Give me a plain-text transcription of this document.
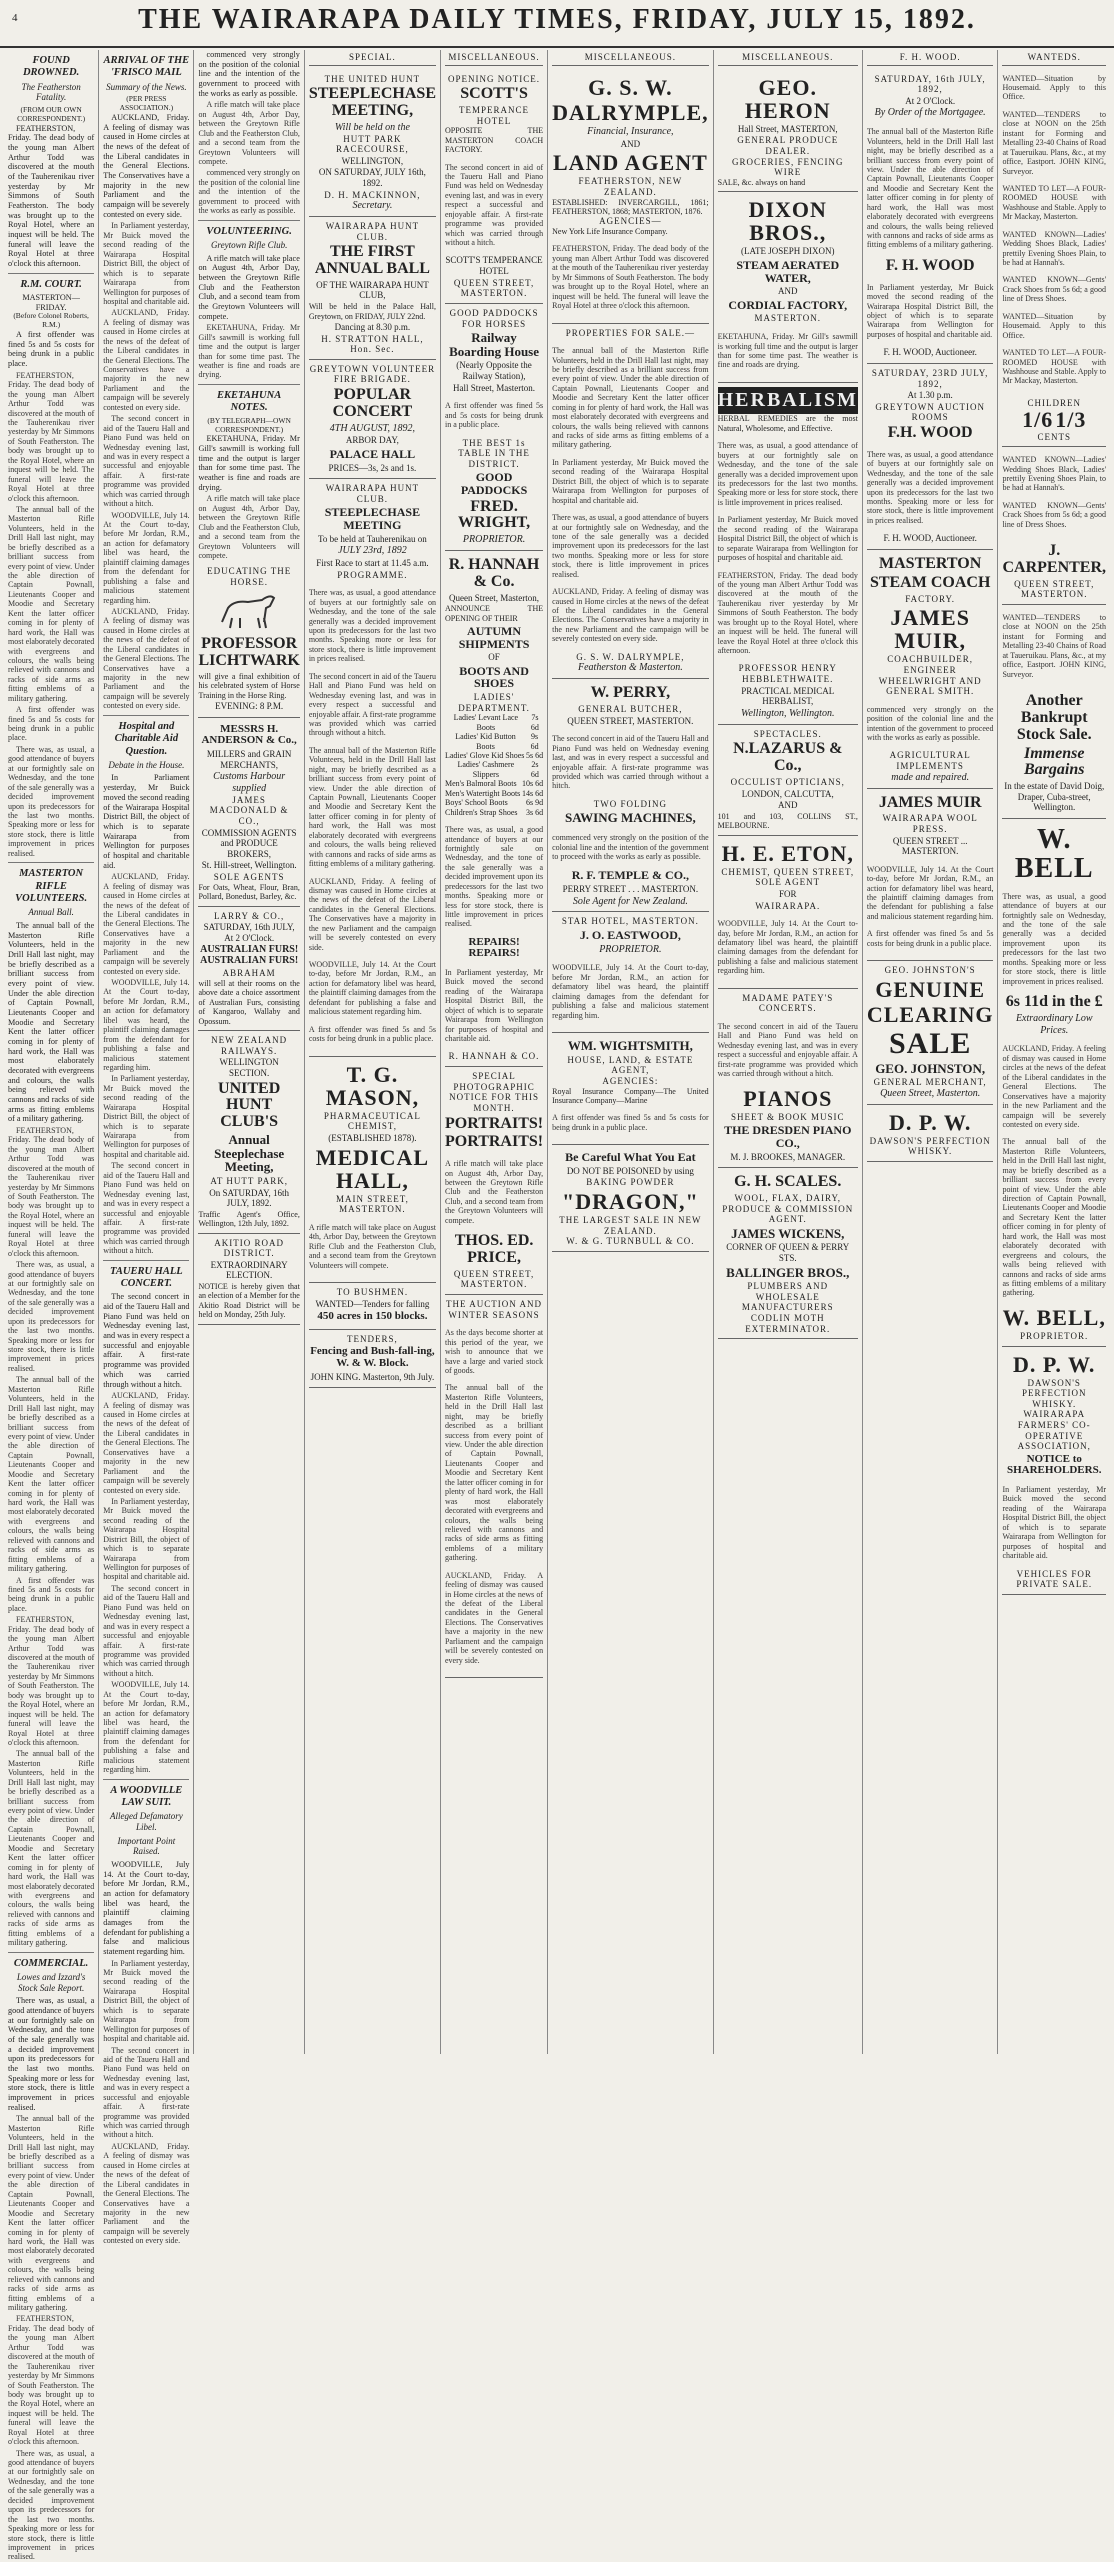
4	THE WAIRARAPA DAILY TIMES, FRIDAY, JULY 15, 1892.
FOUND DROWNED.
The Featherston Fatality.
(FROM OUR OWN CORRESPONDENT.)

FEATHERSTON, Friday. The dead body of the young man Albert Arthur Todd was discovered at the mouth of the Tauherenikau river yesterday by Mr Simmons of South Featherston. The body was brought up to the Royal Hotel, where an inquest will be held. The funeral will leave the Royal Hotel at three o'clock this afternoon.

R.M. COURT.
MASTERTON—FRIDAY.
(Before Colonel Roberts, R.M.)

A first offender was fined 5s and 5s costs for being drunk in a public place.

FEATHERSTON, Friday. The dead body of the young man Albert Arthur Todd was discovered at the mouth of the Tauherenikau river yesterday by Mr Simmons of South Featherston. The body was brought up to the Royal Hotel, where an inquest will be held. The funeral will leave the Royal Hotel at three o'clock this afternoon.

The annual ball of the Masterton Rifle Volunteers, held in the Drill Hall last night, may be briefly described as a brilliant success from every point of view. Under the able direction of Captain Pownall, Lieutenants Cooper and Moodie and Secretary Kent the latter officer coming in for plenty of hard work, the Hall was most elaborately decorated with evergreens and colours, the walls being relieved with cannons and racks of side arms as fitting emblems of a military gathering.

A first offender was fined 5s and 5s costs for being drunk in a public place.

There was, as usual, a good attendance of buyers at our fortnightly sale on Wednesday, and the tone of the sale generally was a decided improvement upon its predecessors for the last two months. Speaking more or less for store stock, there is little improvement in prices realised.

MASTERTON RIFLE VOLUNTEERS.
Annual Ball.

The annual ball of the Masterton Rifle Volunteers, held in the Drill Hall last night, may be briefly described as a brilliant success from every point of view. Under the able direction of Captain Pownall, Lieutenants Cooper and Moodie and Secretary Kent the latter officer coming in for plenty of hard work, the Hall was most elaborately decorated with evergreens and colours, the walls being relieved with cannons and racks of side arms as fitting emblems of a military gathering.

FEATHERSTON, Friday. The dead body of the young man Albert Arthur Todd was discovered at the mouth of the Tauherenikau river yesterday by Mr Simmons of South Featherston. The body was brought up to the Royal Hotel, where an inquest will be held. The funeral will leave the Royal Hotel at three o'clock this afternoon.

There was, as usual, a good attendance of buyers at our fortnightly sale on Wednesday, and the tone of the sale generally was a decided improvement upon its predecessors for the last two months. Speaking more or less for store stock, there is little improvement in prices realised.

The annual ball of the Masterton Rifle Volunteers, held in the Drill Hall last night, may be briefly described as a brilliant success from every point of view. Under the able direction of Captain Pownall, Lieutenants Cooper and Moodie and Secretary Kent the latter officer coming in for plenty of hard work, the Hall was most elaborately decorated with evergreens and colours, the walls being relieved with cannons and racks of side arms as fitting emblems of a military gathering.

A first offender was fined 5s and 5s costs for being drunk in a public place.

FEATHERSTON, Friday. The dead body of the young man Albert Arthur Todd was discovered at the mouth of the Tauherenikau river yesterday by Mr Simmons of South Featherston. The body was brought up to the Royal Hotel, where an inquest will be held. The funeral will leave the Royal Hotel at three o'clock this afternoon.

The annual ball of the Masterton Rifle Volunteers, held in the Drill Hall last night, may be briefly described as a brilliant success from every point of view. Under the able direction of Captain Pownall, Lieutenants Cooper and Moodie and Secretary Kent the latter officer coming in for plenty of hard work, the Hall was most elaborately decorated with evergreens and colours, the walls being relieved with cannons and racks of side arms as fitting emblems of a military gathering.

COMMERCIAL.
Lowes and Izzard's Stock Sale Report.

There was, as usual, a good attendance of buyers at our fortnightly sale on Wednesday, and the tone of the sale generally was a decided improvement upon its predecessors for the last two months. Speaking more or less for store stock, there is little improvement in prices realised.

The annual ball of the Masterton Rifle Volunteers, held in the Drill Hall last night, may be briefly described as a brilliant success from every point of view. Under the able direction of Captain Pownall, Lieutenants Cooper and Moodie and Secretary Kent the latter officer coming in for plenty of hard work, the Hall was most elaborately decorated with evergreens and colours, the walls being relieved with cannons and racks of side arms as fitting emblems of a military gathering.

FEATHERSTON, Friday. The dead body of the young man Albert Arthur Todd was discovered at the mouth of the Tauherenikau river yesterday by Mr Simmons of South Featherston. The body was brought up to the Royal Hotel, where an inquest will be held. The funeral will leave the Royal Hotel at three o'clock this afternoon.

There was, as usual, a good attendance of buyers at our fortnightly sale on Wednesday, and the tone of the sale generally was a decided improvement upon its predecessors for the last two months. Speaking more or less for store stock, there is little improvement in prices realised.

ARRIVAL OF THE 'FRISCO MAIL
Summary of the News.
(PER PRESS ASSOCIATION.)

AUCKLAND, Friday. A feeling of dismay was caused in Home circles at the news of the defeat of the Liberal candidates in the General Elections. The Conservatives have a majority in the new Parliament and the campaign will be severely contested on every side.

In Parliament yesterday, Mr Buick moved the second reading of the Wairarapa Hospital District Bill, the object of which is to separate Wairarapa from Wellington for purposes of hospital and charitable aid.

AUCKLAND, Friday. A feeling of dismay was caused in Home circles at the news of the defeat of the Liberal candidates in the General Elections. The Conservatives have a majority in the new Parliament and the campaign will be severely contested on every side.

The second concert in aid of the Taueru Hall and Piano Fund was held on Wednesday evening last, and was in every respect a successful and enjoyable affair. A first-rate programme was provided which was carried through without a hitch.

WOODVILLE, July 14. At the Court to-day, before Mr Jordan, R.M., an action for defamatory libel was heard, the plaintiff claiming damages from the defendant for publishing a false and malicious statement regarding him.

AUCKLAND, Friday. A feeling of dismay was caused in Home circles at the news of the defeat of the Liberal candidates in the General Elections. The Conservatives have a majority in the new Parliament and the campaign will be severely contested on every side.

Hospital and Charitable Aid Question.
Debate in the House.

In Parliament yesterday, Mr Buick moved the second reading of the Wairarapa Hospital District Bill, the object of which is to separate Wairarapa from Wellington for purposes of hospital and charitable aid.

AUCKLAND, Friday. A feeling of dismay was caused in Home circles at the news of the defeat of the Liberal candidates in the General Elections. The Conservatives have a majority in the new Parliament and the campaign will be severely contested on every side.

WOODVILLE, July 14. At the Court to-day, before Mr Jordan, R.M., an action for defamatory libel was heard, the plaintiff claiming damages from the defendant for publishing a false and malicious statement regarding him.

In Parliament yesterday, Mr Buick moved the second reading of the Wairarapa Hospital District Bill, the object of which is to separate Wairarapa from Wellington for purposes of hospital and charitable aid.

The second concert in aid of the Taueru Hall and Piano Fund was held on Wednesday evening last, and was in every respect a successful and enjoyable affair. A first-rate programme was provided which was carried through without a hitch.

TAUERU HALL CONCERT.

The second concert in aid of the Taueru Hall and Piano Fund was held on Wednesday evening last, and was in every respect a successful and enjoyable affair. A first-rate programme was provided which was carried through without a hitch.

AUCKLAND, Friday. A feeling of dismay was caused in Home circles at the news of the defeat of the Liberal candidates in the General Elections. The Conservatives have a majority in the new Parliament and the campaign will be severely contested on every side.

In Parliament yesterday, Mr Buick moved the second reading of the Wairarapa Hospital District Bill, the object of which is to separate Wairarapa from Wellington for purposes of hospital and charitable aid.

The second concert in aid of the Taueru Hall and Piano Fund was held on Wednesday evening last, and was in every respect a successful and enjoyable affair. A first-rate programme was provided which was carried through without a hitch.

WOODVILLE, July 14. At the Court to-day, before Mr Jordan, R.M., an action for defamatory libel was heard, the plaintiff claiming damages from the defendant for publishing a false and malicious statement regarding him.

A WOODVILLE LAW SUIT.
Alleged Defamatory Libel.
Important Point Raised.

WOODVILLE, July 14. At the Court to-day, before Mr Jordan, R.M., an action for defamatory libel was heard, the plaintiff claiming damages from the defendant for publishing a false and malicious statement regarding him.

In Parliament yesterday, Mr Buick moved the second reading of the Wairarapa Hospital District Bill, the object of which is to separate Wairarapa from Wellington for purposes of hospital and charitable aid.

The second concert in aid of the Taueru Hall and Piano Fund was held on Wednesday evening last, and was in every respect a successful and enjoyable affair. A first-rate programme was provided which was carried through without a hitch.

AUCKLAND, Friday. A feeling of dismay was caused in Home circles at the news of the defeat of the Liberal candidates in the General Elections. The Conservatives have a majority in the new Parliament and the campaign will be severely contested on every side.

commenced very strongly on the position of the colonial line and the intention of the government to proceed with the works as early as possible.

A rifle match will take place on August 4th, Arbor Day, between the Greytown Rifle Club and the Featherston Club, and a second team from the Greytown Volunteers will compete.

commenced very strongly on the position of the colonial line and the intention of the government to proceed with the works as early as possible.

VOLUNTEERING.
Greytown Rifle Club.

A rifle match will take place on August 4th, Arbor Day, between the Greytown Rifle Club and the Featherston Club, and a second team from the Greytown Volunteers will compete.

EKETAHUNA, Friday. Mr Gill's sawmill is working full time and the output is larger than for some time past. The weather is fine and roads are drying.

EKETAHUNA NOTES.
(BY TELEGRAPH—OWN CORRESPONDENT.)

EKETAHUNA, Friday. Mr Gill's sawmill is working full time and the output is larger than for some time past. The weather is fine and roads are drying.

A rifle match will take place on August 4th, Arbor Day, between the Greytown Rifle Club and the Featherston Club, and a second team from the Greytown Volunteers will compete.

EDUCATING THE HORSE.
PROFESSOR LICHTWARK
will give a final exhibition of his celebrated system of Horse Training in the Horse Ring.
EVENING: 8 P.M.
MESSRS H. ANDERSON & Co.,
MILLERS and GRAIN MERCHANTS,
Customs Harbour supplied
JAMES MACDONALD & CO.,
COMMISSION AGENTS and PRODUCE BROKERS,
St. Hill-street, Wellington.
SOLE AGENTS
For Oats, Wheat, Flour, Bran, Pollard, Bonedust, Barley, &c.
LARRY & CO.,
SATURDAY, 16th JULY, At 2 O'Clock.
AUSTRALIAN FURS! AUSTRALIAN FURS!
ABRAHAM
will sell at their rooms on the above date a choice assortment of Australian Furs, consisting of Kangaroo, Wallaby and Opossum.
NEW ZEALAND RAILWAYS.
WELLINGTON SECTION.
UNITED HUNT CLUB'S
Annual Steeplechase Meeting,
AT HUTT PARK,
On SATURDAY, 16th JULY, 1892.
Traffic Agent's Office, Wellington, 12th July, 1892.
AKITIO ROAD DISTRICT.
EXTRAORDINARY ELECTION.
NOTICE is hereby given that an election of a Member for the Akitio Road District will be held on Monday, 25th July.
SPECIAL.
THE UNITED HUNT
STEEPLECHASE MEETING,
Will be held on the
HUTT PARK RACECOURSE,
WELLINGTON,
ON SATURDAY, JULY 16th, 1892.
D. H. MACKINNON,
Secretary.
WAIRARAPA HUNT CLUB.
THE FIRST ANNUAL BALL
OF THE WAIRARAPA HUNT CLUB,
Will be held in the Palace Hall, Greytown, on FRIDAY, JULY 22nd.
Dancing at 8.30 p.m.
H. STRATTON HALL, Hon. Sec.
GREYTOWN VOLUNTEER FIRE BRIGADE.
POPULAR CONCERT
4TH AUGUST, 1892,
ARBOR DAY,
PALACE HALL
PRICES—3s, 2s and 1s.
WAIRARAPA HUNT CLUB.
STEEPLECHASE MEETING
To be held at Tauherenikau on
JULY 23rd, 1892
First Race to start at 11.45 a.m.
PROGRAMME.

There was, as usual, a good attendance of buyers at our fortnightly sale on Wednesday, and the tone of the sale generally was a decided improvement upon its predecessors for the last two months. Speaking more or less for store stock, there is little improvement in prices realised.

The second concert in aid of the Taueru Hall and Piano Fund was held on Wednesday evening last, and was in every respect a successful and enjoyable affair. A first-rate programme was provided which was carried through without a hitch.

The annual ball of the Masterton Rifle Volunteers, held in the Drill Hall last night, may be briefly described as a brilliant success from every point of view. Under the able direction of Captain Pownall, Lieutenants Cooper and Moodie and Secretary Kent the latter officer coming in for plenty of hard work, the Hall was most elaborately decorated with evergreens and colours, the walls being relieved with cannons and racks of side arms as fitting emblems of a military gathering.

AUCKLAND, Friday. A feeling of dismay was caused in Home circles at the news of the defeat of the Liberal candidates in the General Elections. The Conservatives have a majority in the new Parliament and the campaign will be severely contested on every side.

WOODVILLE, July 14. At the Court to-day, before Mr Jordan, R.M., an action for defamatory libel was heard, the plaintiff claiming damages from the defendant for publishing a false and malicious statement regarding him.

A first offender was fined 5s and 5s costs for being drunk in a public place.

T. G. MASON,
PHARMACEUTICAL CHEMIST,
(ESTABLISHED 1878).
MEDICAL HALL,
MAIN STREET, MASTERTON.

A rifle match will take place on August 4th, Arbor Day, between the Greytown Rifle Club and the Featherston Club, and a second team from the Greytown Volunteers will compete.

TO BUSHMEN.
WANTED—Tenders for falling
450 acres in 150 blocks.
TENDERS,
Fencing and Bush-fall-ing, W. & W. Block.
JOHN KING. Masterton, 9th July.
MISCELLANEOUS.
OPENING NOTICE.
SCOTT'S
TEMPERANCE HOTEL
OPPOSITE THE MASTERTON COACH FACTORY.

The second concert in aid of the Taueru Hall and Piano Fund was held on Wednesday evening last, and was in every respect a successful and enjoyable affair. A first-rate programme was provided which was carried through without a hitch.

SCOTT'S TEMPERANCE HOTEL
QUEEN STREET, MASTERTON.
GOOD PADDOCKS FOR HORSES
Railway Boarding House
(Nearly Opposite the Railway Station),
Hall Street, Masterton.

A first offender was fined 5s and 5s costs for being drunk in a public place.

THE BEST 1s TABLE IN THE DISTRICT.
GOOD PADDOCKS
FRED. WRIGHT,
PROPRIETOR.
R. HANNAH & Co.
Queen Street, Masterton,
ANNOUNCE THE OPENING OF THEIR
AUTUMN SHIPMENTS
OF
BOOTS AND SHOES
LADIES' DEPARTMENT.
Ladies' Levant Lace Boots
7s 6d
Ladies' Kid Button Boots
9s 6d
Ladies' Glove Kid Shoes 5s 6d
Ladies' Cashmere Slippers
2s 6d
Men's Balmoral Boots 10s 6d
Men's Watertight Boots 14s 6d
Boys' School Boots 6s 9d
Children's Strap Shoes 3s 6d

There was, as usual, a good attendance of buyers at our fortnightly sale on Wednesday, and the tone of the sale generally was a decided improvement upon its predecessors for the last two months. Speaking more or less for store stock, there is little improvement in prices realised.

REPAIRS! REPAIRS!

In Parliament yesterday, Mr Buick moved the second reading of the Wairarapa Hospital District Bill, the object of which is to separate Wairarapa from Wellington for purposes of hospital and charitable aid.

R. HANNAH & CO.
SPECIAL PHOTOGRAPHIC NOTICE FOR THIS MONTH.
PORTRAITS!
PORTRAITS!

A rifle match will take place on August 4th, Arbor Day, between the Greytown Rifle Club and the Featherston Club, and a second team from the Greytown Volunteers will compete.

THOS. ED. PRICE,
QUEEN STREET, MASTERTON.
THE AUCTION AND WINTER SEASONS

As the days become shorter at this period of the year, we wish to announce that we have a large and varied stock of goods.

The annual ball of the Masterton Rifle Volunteers, held in the Drill Hall last night, may be briefly described as a brilliant success from every point of view. Under the able direction of Captain Pownall, Lieutenants Cooper and Moodie and Secretary Kent the latter officer coming in for plenty of hard work, the Hall was most elaborately decorated with evergreens and colours, the walls being relieved with cannons and racks of side arms as fitting emblems of a military gathering.

AUCKLAND, Friday. A feeling of dismay was caused in Home circles at the news of the defeat of the Liberal candidates in the General Elections. The Conservatives have a majority in the new Parliament and the campaign will be severely contested on every side.

MISCELLANEOUS.
G. S. W.
DALRYMPLE,
Financial, Insurance,
AND
LAND AGENT
FEATHERSTON, NEW ZEALAND.
ESTABLISHED: INVERCARGILL, 1861; FEATHERSTON, 1868; MASTERTON, 1876.
AGENCIES—
New York Life Insurance Company.

FEATHERSTON, Friday. The dead body of the young man Albert Arthur Todd was discovered at the mouth of the Tauherenikau river yesterday by Mr Simmons of South Featherston. The body was brought up to the Royal Hotel, where an inquest will be held. The funeral will leave the Royal Hotel at three o'clock this afternoon.

PROPERTIES FOR SALE.—

The annual ball of the Masterton Rifle Volunteers, held in the Drill Hall last night, may be briefly described as a brilliant success from every point of view. Under the able direction of Captain Pownall, Lieutenants Cooper and Moodie and Secretary Kent the latter officer coming in for plenty of hard work, the Hall was most elaborately decorated with evergreens and colours, the walls being relieved with cannons and racks of side arms as fitting emblems of a military gathering.

In Parliament yesterday, Mr Buick moved the second reading of the Wairarapa Hospital District Bill, the object of which is to separate Wairarapa from Wellington for purposes of hospital and charitable aid.

There was, as usual, a good attendance of buyers at our fortnightly sale on Wednesday, and the tone of the sale generally was a decided improvement upon its predecessors for the last two months. Speaking more or less for store stock, there is little improvement in prices realised.

AUCKLAND, Friday. A feeling of dismay was caused in Home circles at the news of the defeat of the Liberal candidates in the General Elections. The Conservatives have a majority in the new Parliament and the campaign will be severely contested on every side.

G. S. W. DALRYMPLE,
Featherston & Masterton.
W. PERRY,
GENERAL BUTCHER,
QUEEN STREET, MASTERTON.

The second concert in aid of the Taueru Hall and Piano Fund was held on Wednesday evening last, and was in every respect a successful and enjoyable affair. A first-rate programme was provided which was carried through without a hitch.

TWO FOLDING
SAWING MACHINES,

commenced very strongly on the position of the colonial line and the intention of the government to proceed with the works as early as possible.

R. F. TEMPLE & CO.,
PERRY STREET . . . MASTERTON.
Sole Agent for New Zealand.
STAR HOTEL, MASTERTON.
J. O. EASTWOOD,
PROPRIETOR.

WOODVILLE, July 14. At the Court to-day, before Mr Jordan, R.M., an action for defamatory libel was heard, the plaintiff claiming damages from the defendant for publishing a false and malicious statement regarding him.

WM. WIGHTSMITH,
HOUSE, LAND, & ESTATE AGENT,
AGENCIES:
Royal Insurance Company—The United Insurance Company—Marine

A first offender was fined 5s and 5s costs for being drunk in a public place.

Be Careful What You Eat
DO NOT BE POISONED by using
BAKING POWDER
"DRAGON,"
THE LARGEST SALE IN NEW ZEALAND.
W. & G. TURNBULL & CO.
MISCELLANEOUS.
GEO. HERON
Hall Street, MASTERTON,
GENERAL PRODUCE DEALER.
GROCERIES, FENCING WIRE
SALE, &c. always on hand
DIXON BROS.,
(LATE JOSEPH DIXON)
STEAM AERATED WATER,
AND
CORDIAL FACTORY,
MASTERTON.

EKETAHUNA, Friday. Mr Gill's sawmill is working full time and the output is larger than for some time past. The weather is fine and roads are drying.

HERBALISM
HERBAL REMEDIES are the most Natural, Wholesome, and Effective.

There was, as usual, a good attendance of buyers at our fortnightly sale on Wednesday, and the tone of the sale generally was a decided improvement upon its predecessors for the last two months. Speaking more or less for store stock, there is little improvement in prices realised.

In Parliament yesterday, Mr Buick moved the second reading of the Wairarapa Hospital District Bill, the object of which is to separate Wairarapa from Wellington for purposes of hospital and charitable aid.

FEATHERSTON, Friday. The dead body of the young man Albert Arthur Todd was discovered at the mouth of the Tauherenikau river yesterday by Mr Simmons of South Featherston. The body was brought up to the Royal Hotel, where an inquest will be held. The funeral will leave the Royal Hotel at three o'clock this afternoon.

PROFESSOR HENRY HEBBLETHWAITE.
PRACTICAL MEDICAL HERBALIST,
Wellington, Wellington.
SPECTACLES.
N.LAZARUS & Co.,
OCCULIST OPTICIANS,
LONDON, CALCUTTA,
AND
101 and 103, COLLINS ST., MELBOURNE.
H. E. ETON,
CHEMIST, QUEEN STREET,
SOLE AGENT
FOR
WAIRARAPA.

WOODVILLE, July 14. At the Court to-day, before Mr Jordan, R.M., an action for defamatory libel was heard, the plaintiff claiming damages from the defendant for publishing a false and malicious statement regarding him.

MADAME PATEY'S CONCERTS.

The second concert in aid of the Taueru Hall and Piano Fund was held on Wednesday evening last, and was in every respect a successful and enjoyable affair. A first-rate programme was provided which was carried through without a hitch.

PIANOS
SHEET & BOOK MUSIC
THE DRESDEN PIANO CO.,
M. J. BROOKES, MANAGER.
G. H. SCALES.
WOOL, FLAX, DAIRY, PRODUCE & COMMISSION AGENT.
JAMES WICKENS,
CORNER OF QUEEN & PERRY STS.
BALLINGER BROS.,
PLUMBERS AND WHOLESALE MANUFACTURERS
CODLIN MOTH EXTERMINATOR.
F. H. WOOD.
SATURDAY, 16th JULY, 1892,
At 2 O'Clock.
By Order of the Mortgagee.

The annual ball of the Masterton Rifle Volunteers, held in the Drill Hall last night, may be briefly described as a brilliant success from every point of view. Under the able direction of Captain Pownall, Lieutenants Cooper and Moodie and Secretary Kent the latter officer coming in for plenty of hard work, the Hall was most elaborately decorated with evergreens and colours, the walls being relieved with cannons and racks of side arms as fitting emblems of a military gathering.

F. H. WOOD

In Parliament yesterday, Mr Buick moved the second reading of the Wairarapa Hospital District Bill, the object of which is to separate Wairarapa from Wellington for purposes of hospital and charitable aid.

F. H. WOOD, Auctioneer.
SATURDAY, 23RD JULY, 1892,
At 1.30 p.m.
GREYTOWN AUCTION ROOMS
F.H. WOOD

There was, as usual, a good attendance of buyers at our fortnightly sale on Wednesday, and the tone of the sale generally was a decided improvement upon its predecessors for the last two months. Speaking more or less for store stock, there is little improvement in prices realised.

F. H. WOOD, Auctioneer.
MASTERTON
STEAM COACH
FACTORY.
JAMES MUIR,
COACHBUILDER, ENGINEER WHEELWRIGHT AND GENERAL SMITH.

commenced very strongly on the position of the colonial line and the intention of the government to proceed with the works as early as possible.

AGRICULTURAL IMPLEMENTS
made and repaired.
JAMES MUIR
WAIRARAPA WOOL PRESS.
QUEEN STREET ... MASTERTON.

WOODVILLE, July 14. At the Court to-day, before Mr Jordan, R.M., an action for defamatory libel was heard, the plaintiff claiming damages from the defendant for publishing a false and malicious statement regarding him.

A first offender was fined 5s and 5s costs for being drunk in a public place.

GEO. JOHNSTON'S
GENUINE
CLEARING
SALE
GEO. JOHNSTON,
GENERAL MERCHANT,
Queen Street, Masterton.
D. P. W.
DAWSON'S PERFECTION WHISKY.
WANTEDS.

WANTED—Situation by Housemaid. Apply to this Office.

WANTED—TENDERS to close at NOON on the 25th instant for Forming and Metalling 23-40 Chains of Road at Taueruikau. Plans, &c., at my office, Eastport. JOHN KING, Surveyor.

WANTED TO LET—A FOUR-ROOMED HOUSE with Washhouse and Stable. Apply to Mr Mackay, Masterton.

WANTED KNOWN—Ladies' Wedding Shoes Black, Ladies' prettily Evening Shoes Plain, to be had at Hannah's.

WANTED KNOWN—Gents' Crack Shoes from 5s 6d; a good line of Dress Shoes.

WANTED—Situation by Housemaid. Apply to this Office.

WANTED TO LET—A FOUR-ROOMED HOUSE with Washhouse and Stable. Apply to Mr Mackay, Masterton.

CHILDREN
1/6 1/3
CENTS

WANTED KNOWN—Ladies' Wedding Shoes Black, Ladies' prettily Evening Shoes Plain, to be had at Hannah's.

WANTED KNOWN—Gents' Crack Shoes from 5s 6d; a good line of Dress Shoes.

J. CARPENTER,
QUEEN STREET,
MASTERTON.

WANTED—TENDERS to close at NOON on the 25th instant for Forming and Metalling 23-40 Chains of Road at Taueruikau. Plans, &c., at my office, Eastport. JOHN KING, Surveyor.

Another Bankrupt Stock Sale.
Immense Bargains
In the estate of David Doig, Draper, Cuba-street, Wellington.
W. BELL

There was, as usual, a good attendance of buyers at our fortnightly sale on Wednesday, and the tone of the sale generally was a decided improvement upon its predecessors for the last two months. Speaking more or less for store stock, there is little improvement in prices realised.

6s 11d in the £
Extraordinary Low Prices.

AUCKLAND, Friday. A feeling of dismay was caused in Home circles at the news of the defeat of the Liberal candidates in the General Elections. The Conservatives have a majority in the new Parliament and the campaign will be severely contested on every side.

The annual ball of the Masterton Rifle Volunteers, held in the Drill Hall last night, may be briefly described as a brilliant success from every point of view. Under the able direction of Captain Pownall, Lieutenants Cooper and Moodie and Secretary Kent the latter officer coming in for plenty of hard work, the Hall was most elaborately decorated with evergreens and colours, the walls being relieved with cannons and racks of side arms as fitting emblems of a military gathering.

W. BELL,
PROPRIETOR.
D. P. W.
DAWSON'S PERFECTION WHISKY.
WAIRARAPA FARMERS' CO-OPERATIVE ASSOCIATION,
NOTICE to SHAREHOLDERS.

In Parliament yesterday, Mr Buick moved the second reading of the Wairarapa Hospital District Bill, the object of which is to separate Wairarapa from Wellington for purposes of hospital and charitable aid.

VEHICLES FOR PRIVATE SALE.
